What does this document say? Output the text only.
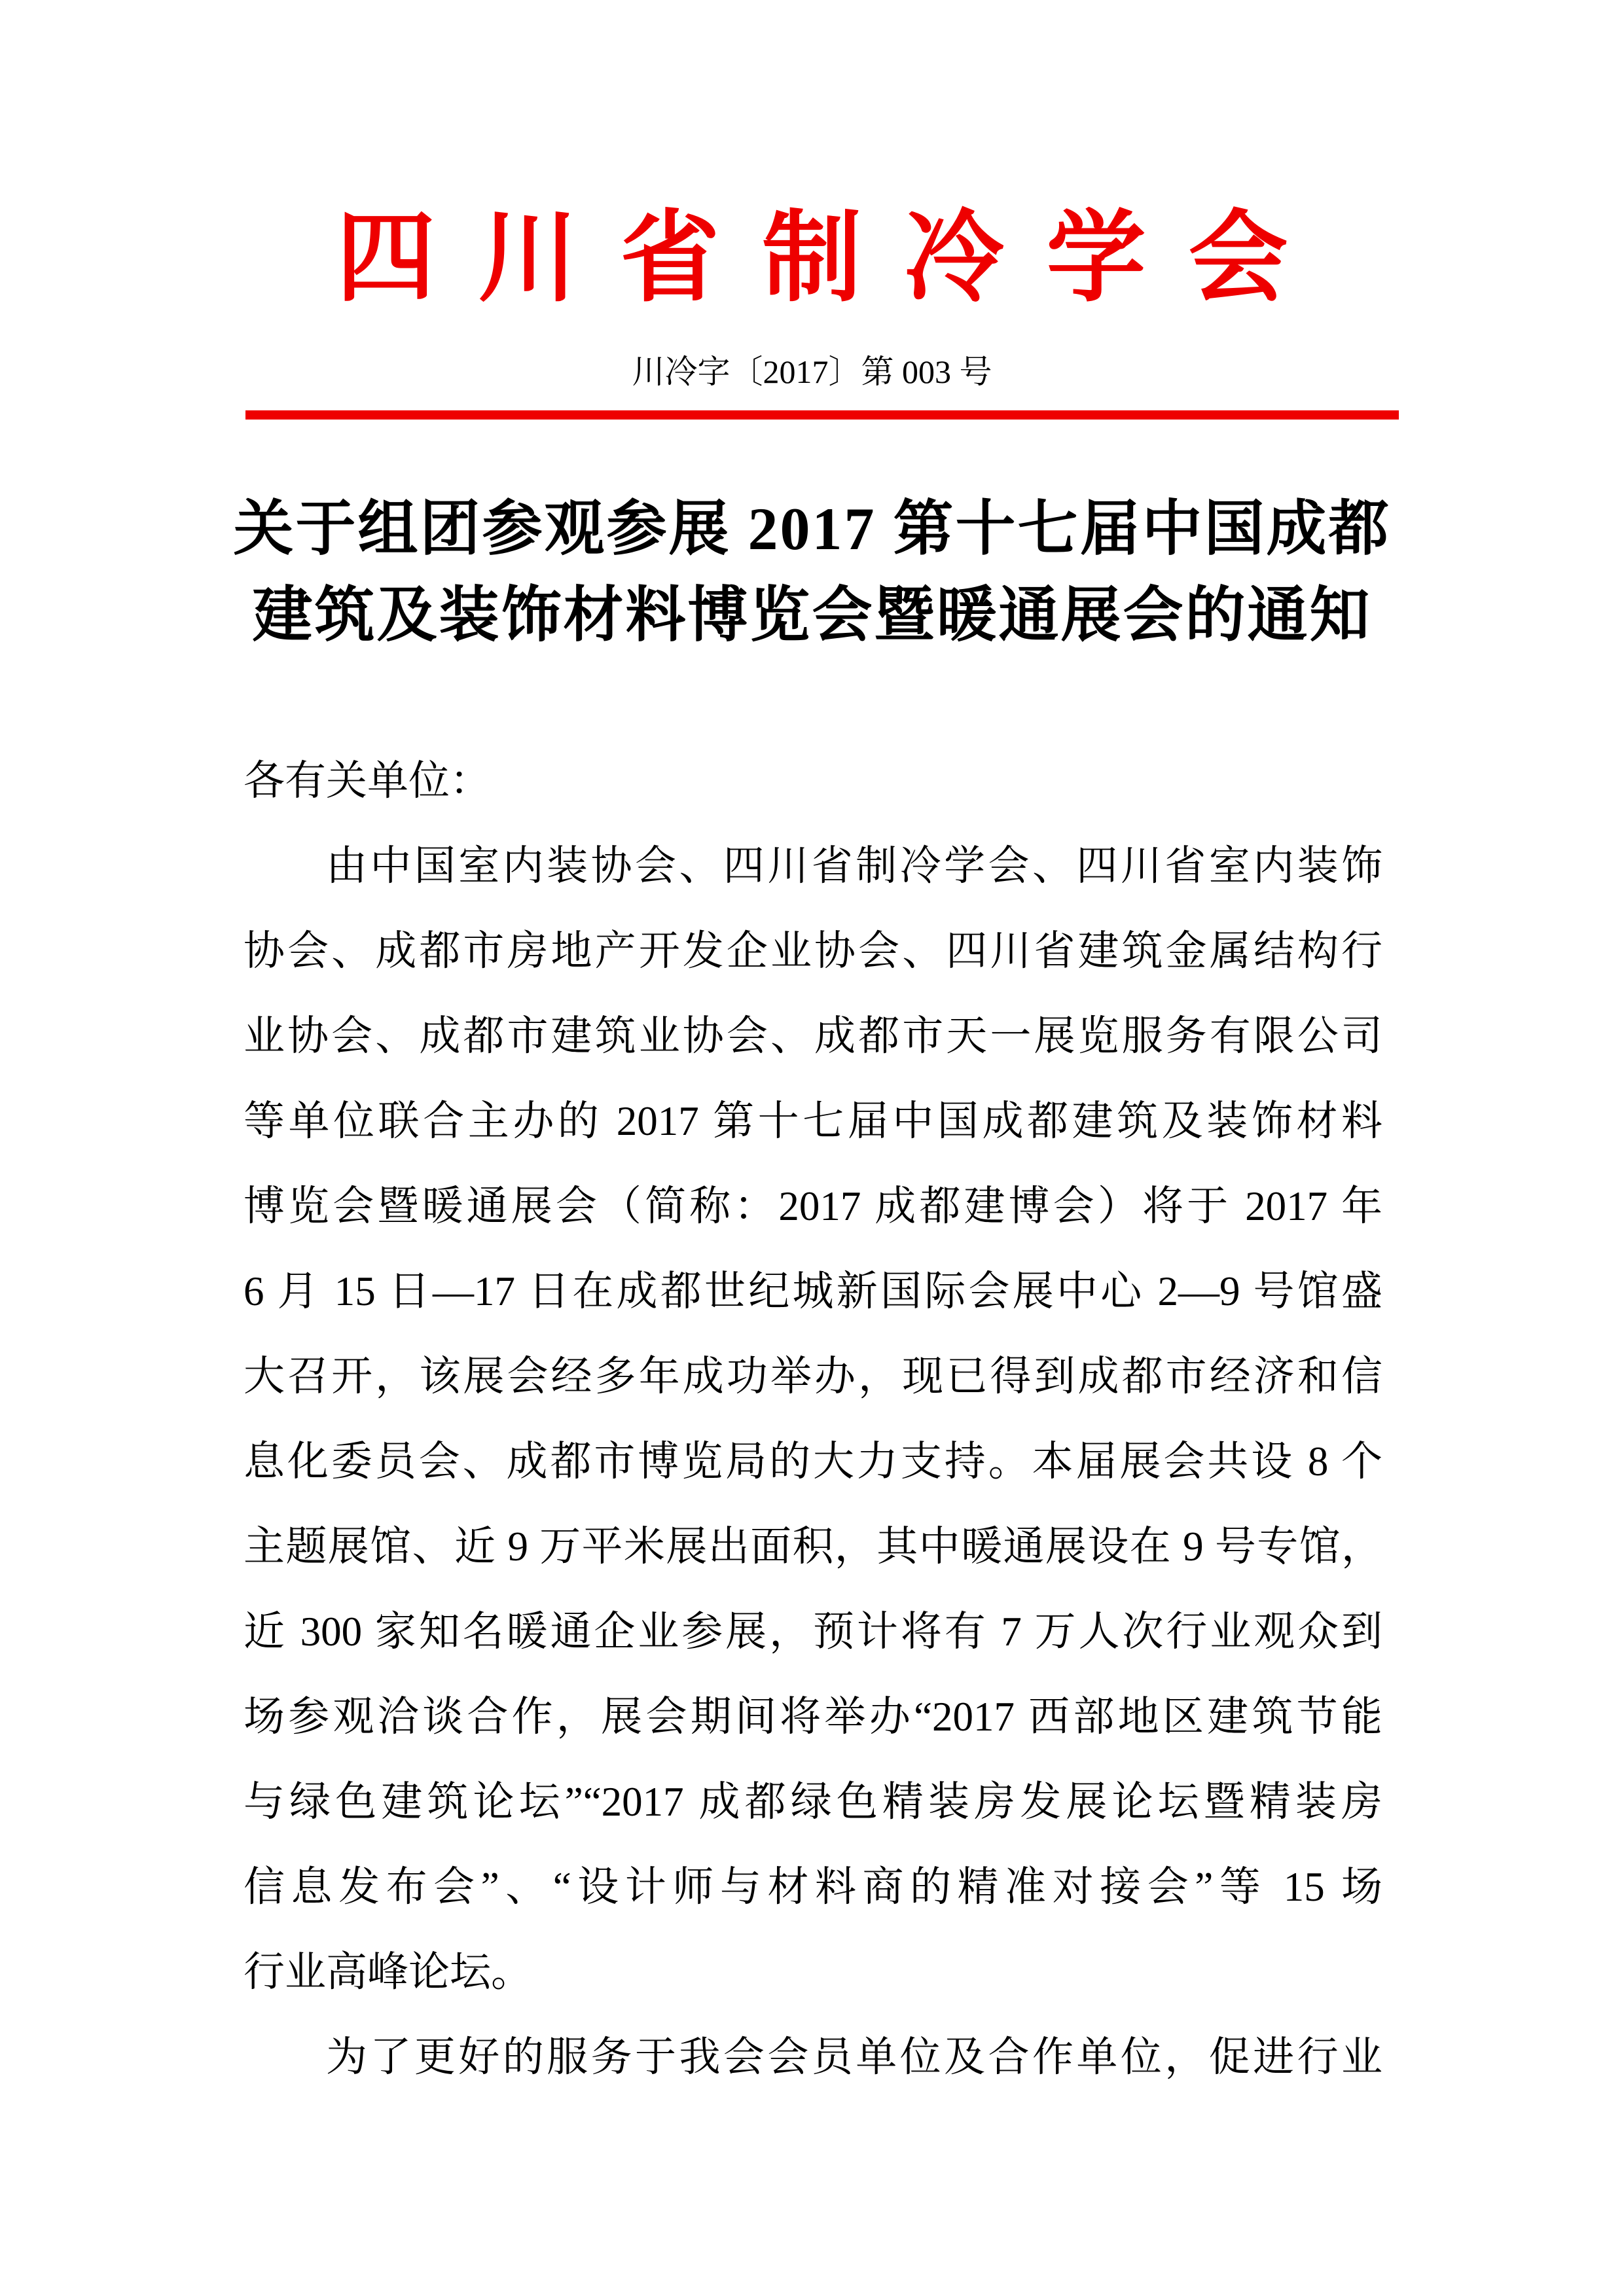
四川省制冷学会
川冷字〔2017〕第 003 号
关于组团参观参展 2017 第十七届中国成都
建筑及装饰材料博览会暨暖通展会的通知
各有关单位：
由中国室内装协会、四川省制冷学会、四川省室内装饰
协会、成都市房地产开发企业协会、四川省建筑金属结构行
业协会、成都市建筑业协会、成都市天一展览服务有限公司
等单位联合主办的 2017 第十七届中国成都建筑及装饰材料
博览会暨暖通展会（简称：2017 成都建博会）将于 2017 年
6 月 15 日—17 日在成都世纪城新国际会展中心 2—9 号馆盛
大召开，该展会经多年成功举办，现已得到成都市经济和信
息化委员会、成都市博览局的大力支持。本届展会共设 8 个
主题展馆、近 9 万平米展出面积，其中暖通展设在 9 号专馆，
近 300 家知名暖通企业参展，预计将有 7 万人次行业观众到
场参观洽谈合作，展会期间将举办“2017 西部地区建筑节能
与绿色建筑论坛”“2017 成都绿色精装房发展论坛暨精装房
信息发布会”、“设计师与材料商的精准对接会”等 15 场
行业高峰论坛。
为了更好的服务于我会会员单位及合作单位，促进行业
